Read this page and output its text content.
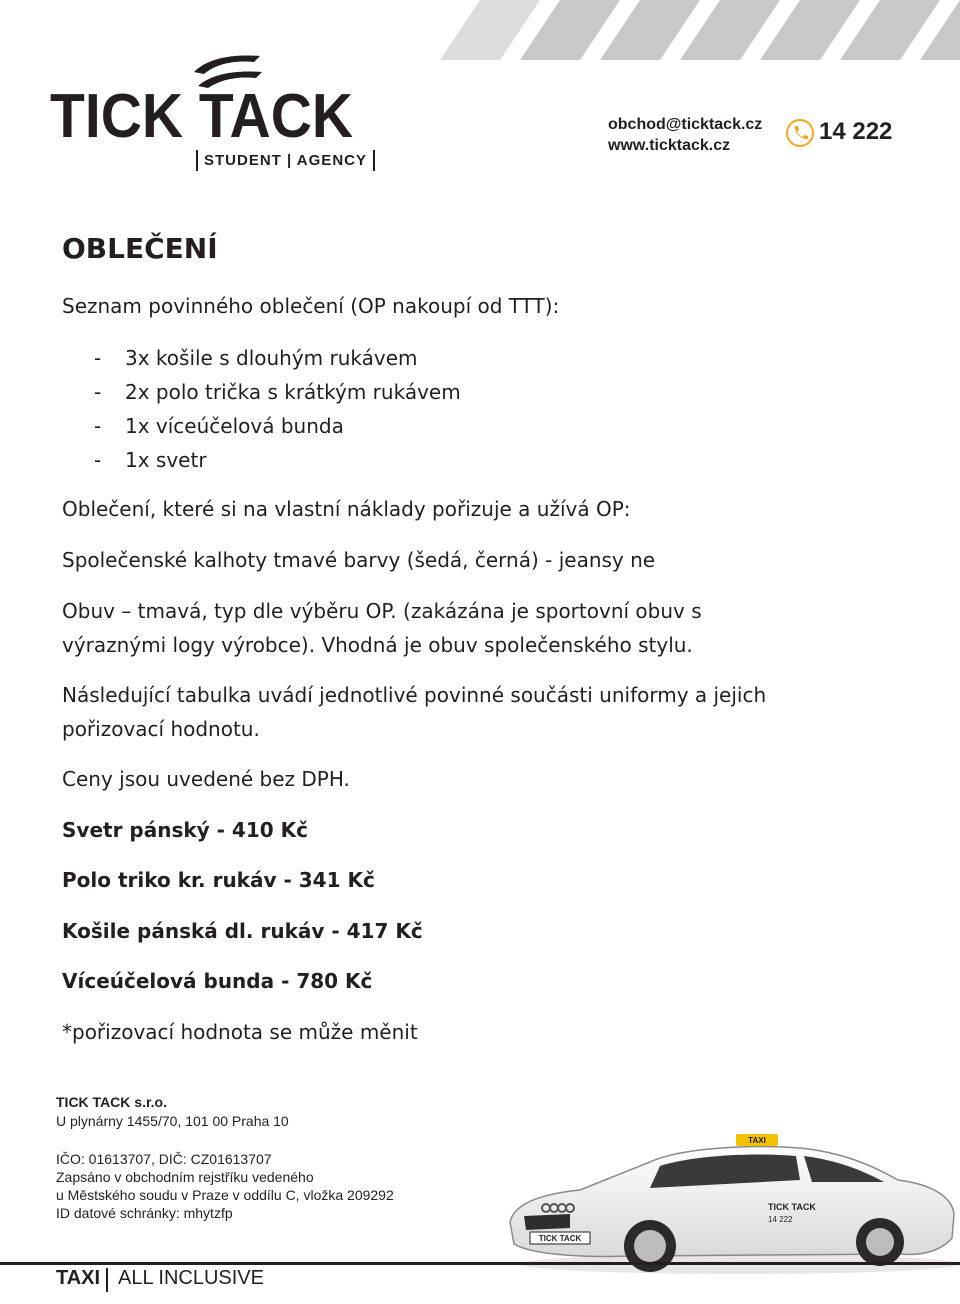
TICK TACK
STUDENT | AGENCY
obchod@ticktack.cz
www.ticktack.cz
14 222
OBLEČENÍ
Seznam povinného oblečení (OP nakoupí od TTT):
- 3x košile s dlouhým rukávem
- 2x polo trička s krátkým rukávem
- 1x víceúčelová bunda
- 1x svetr
Oblečení, které si na vlastní náklady pořizuje a užívá OP:
Společenské kalhoty tmavé barvy (šedá, černá) - jeansy ne
Obuv – tmavá, typ dle výběru OP. (zakázána je sportovní obuv s
výraznými logy výrobce). Vhodná je obuv společenského stylu.
Následující tabulka uvádí jednotlivé povinné součásti uniformy a jejich
pořizovací hodnotu.
Ceny jsou uvedené bez DPH.
Svetr pánský - 410 Kč
Polo triko kr. rukáv - 341 Kč
Košile pánská dl. rukáv - 417 Kč
Víceúčelová bunda - 780 Kč
*pořizovací hodnota se může měnit
TICK TACK s.r.o.
U plynárny 1455/70, 101 00 Praha 10
IČO: 01613707, DIČ: CZ01613707
Zapsáno v obchodním rejstříku vedeného
u Městského soudu v Praze v oddílu C, vložka 209292
ID datové schránky: mhytzfp
TAXI
TICK TACK
14 222
TICK TACK
TAXI ALL INCLUSIVE
